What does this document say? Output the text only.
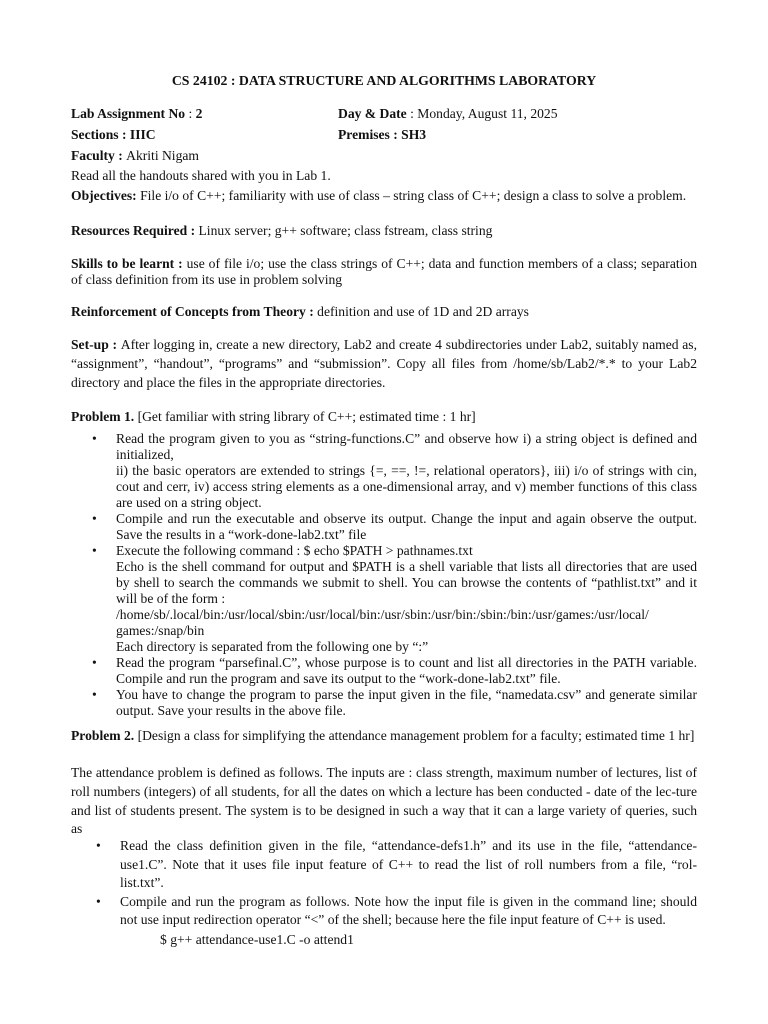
CS 24102 : DATA STRUCTURE AND ALGORITHMS LABORATORY
Lab Assignment No : 2	Day & Date : Monday, August 11, 2025
Sections : IIIC	Premises : SH3
Faculty : Akriti Nigam
Read all the handouts shared with you in Lab 1.
Objectives: File i/o of C++; familiarity with use of class – string class of C++; design a class to solve a problem.
Resources Required : Linux server; g++ software; class fstream, class string
Skills to be learnt : use of file i/o; use the class strings of C++; data and function members of a class; separation of class definition from its use in problem solving
Reinforcement of Concepts from Theory : definition and use of 1D and 2D arrays
Set-up : After logging in, create a new directory, Lab2 and create 4 subdirectories under Lab2, suitably named as, “assignment”, “handout”, “programs” and “submission”. Copy all files from /home/sb/Lab2/*.* to your Lab2 directory and place the files in the appropriate directories.
Problem 1. [Get familiar with string library of C++; estimated time : 1 hr]
• Read the program given to you as “string-functions.C” and observe how i) a string object is defined and initialized,

ii) the basic operators are extended to strings {=, ==, !=, relational operators}, iii) i/o of strings with cin, cout and cerr, iv) access string elements as a one-dimensional array, and v) member functions of this class are used on a string object.

• Compile and run the executable and observe its output. Change the input and again observe the output. Save the results in a “work-done-lab2.txt” file

• Execute the following command : $ echo $PATH > pathnames.txt

Echo is the shell command for output and $PATH is a shell variable that lists all directories that are used by shell to search the commands we submit to shell. You can browse the contents of “pathlist.txt” and it will be of the form :

/home/sb/.local/bin:/usr/local/sbin:/usr/local/bin:/usr/sbin:/usr/bin:/sbin:/bin:/usr/games:/usr/local/ games:/snap/bin

Each directory is separated from the following one by “:”

• Read the program “parsefinal.C”, whose purpose is to count and list all directories in the PATH variable. Compile and run the program and save its output to the “work-done-lab2.txt” file.

• You have to change the program to parse the input given in the file, “namedata.csv” and generate similar output. Save your results in the above file.

Problem 2. [Design a class for simplifying the attendance management problem for a faculty; estimated time 1 hr]
The attendance problem is defined as follows. The inputs are : class strength, maximum number of lectures, list of roll numbers (integers) of all students, for all the dates on which a lecture has been conducted - date of the lec-ture and list of students present. The system is to be designed in such a way that it can a large variety of queries, such as
• Read the class definition given in the file, “attendance-defs1.h” and its use in the file, “attendance-use1.C”. Note that it uses file input feature of C++ to read the list of roll numbers from a file, “rol-list.txt”.

• Compile and run the program as follows. Note how the input file is given in the command line; should not use input redirection operator “<” of the shell; because here the file input feature of C++ is used.

$ g++ attendance-use1.C -o attend1
